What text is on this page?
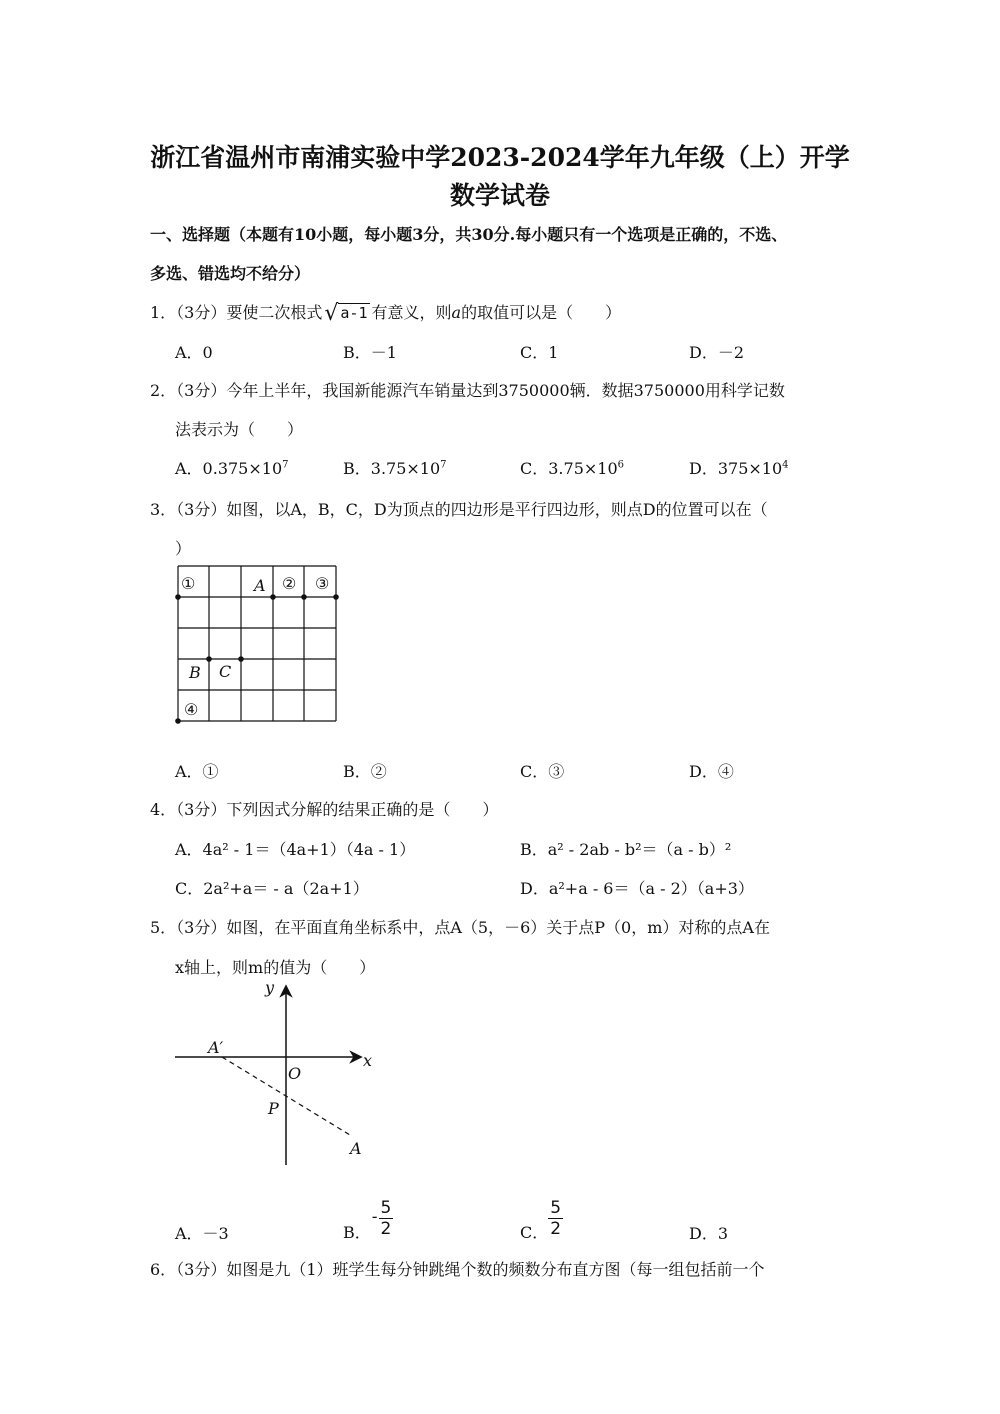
浙江省温州市南浦实验中学2023-2024学年九年级（上）开学
数学试卷
一、选择题（本题有10小题，每小题3分，共30分.每小题只有一个选项是正确的，不选、
多选、错选均不给分）
1．（3分）要使二次根式√ a-1 有意义，则a的取值可以是（　　）
A．0	B．－1	C．1	D．－2
2．（3分）今年上半年，我国新能源汽车销量达到3750000辆．数据3750000用科学记数
法表示为（　　）
A．$0.375\times 10^7$	B．$3.75\times 10^7$	C．$3.75\times 10^6$	D．$375\times 10^4$
3．（3分）如图，以A，B，C，D为顶点的四边形是平行四边形，则点D的位置可以在（
）
①	A ② ③
B C
④
A．①	B．②	C．③	D．④
4．（3分）下列因式分解的结果正确的是（　　）
A．4a² - 1＝（4a+1）（4a - 1）	B．a² - 2ab - b²＝（a - b）²
C．2a²+a＝ - a（2a+1）	D．a²+a - 6＝（a - 2）（a+3）
5．（3分）如图，在平面直角坐标系中，点A（5，－6）关于点P（0，m）对称的点A在
x轴上，则m的值为（　　）
y
x
O
A′
P
A
A．－3	B．
- $\frac{5}{2}$	C． $\frac{5}{2}$	D．3
6．（3分）如图是九（1）班学生每分钟跳绳个数的频数分布直方图（每一组包括前一个
